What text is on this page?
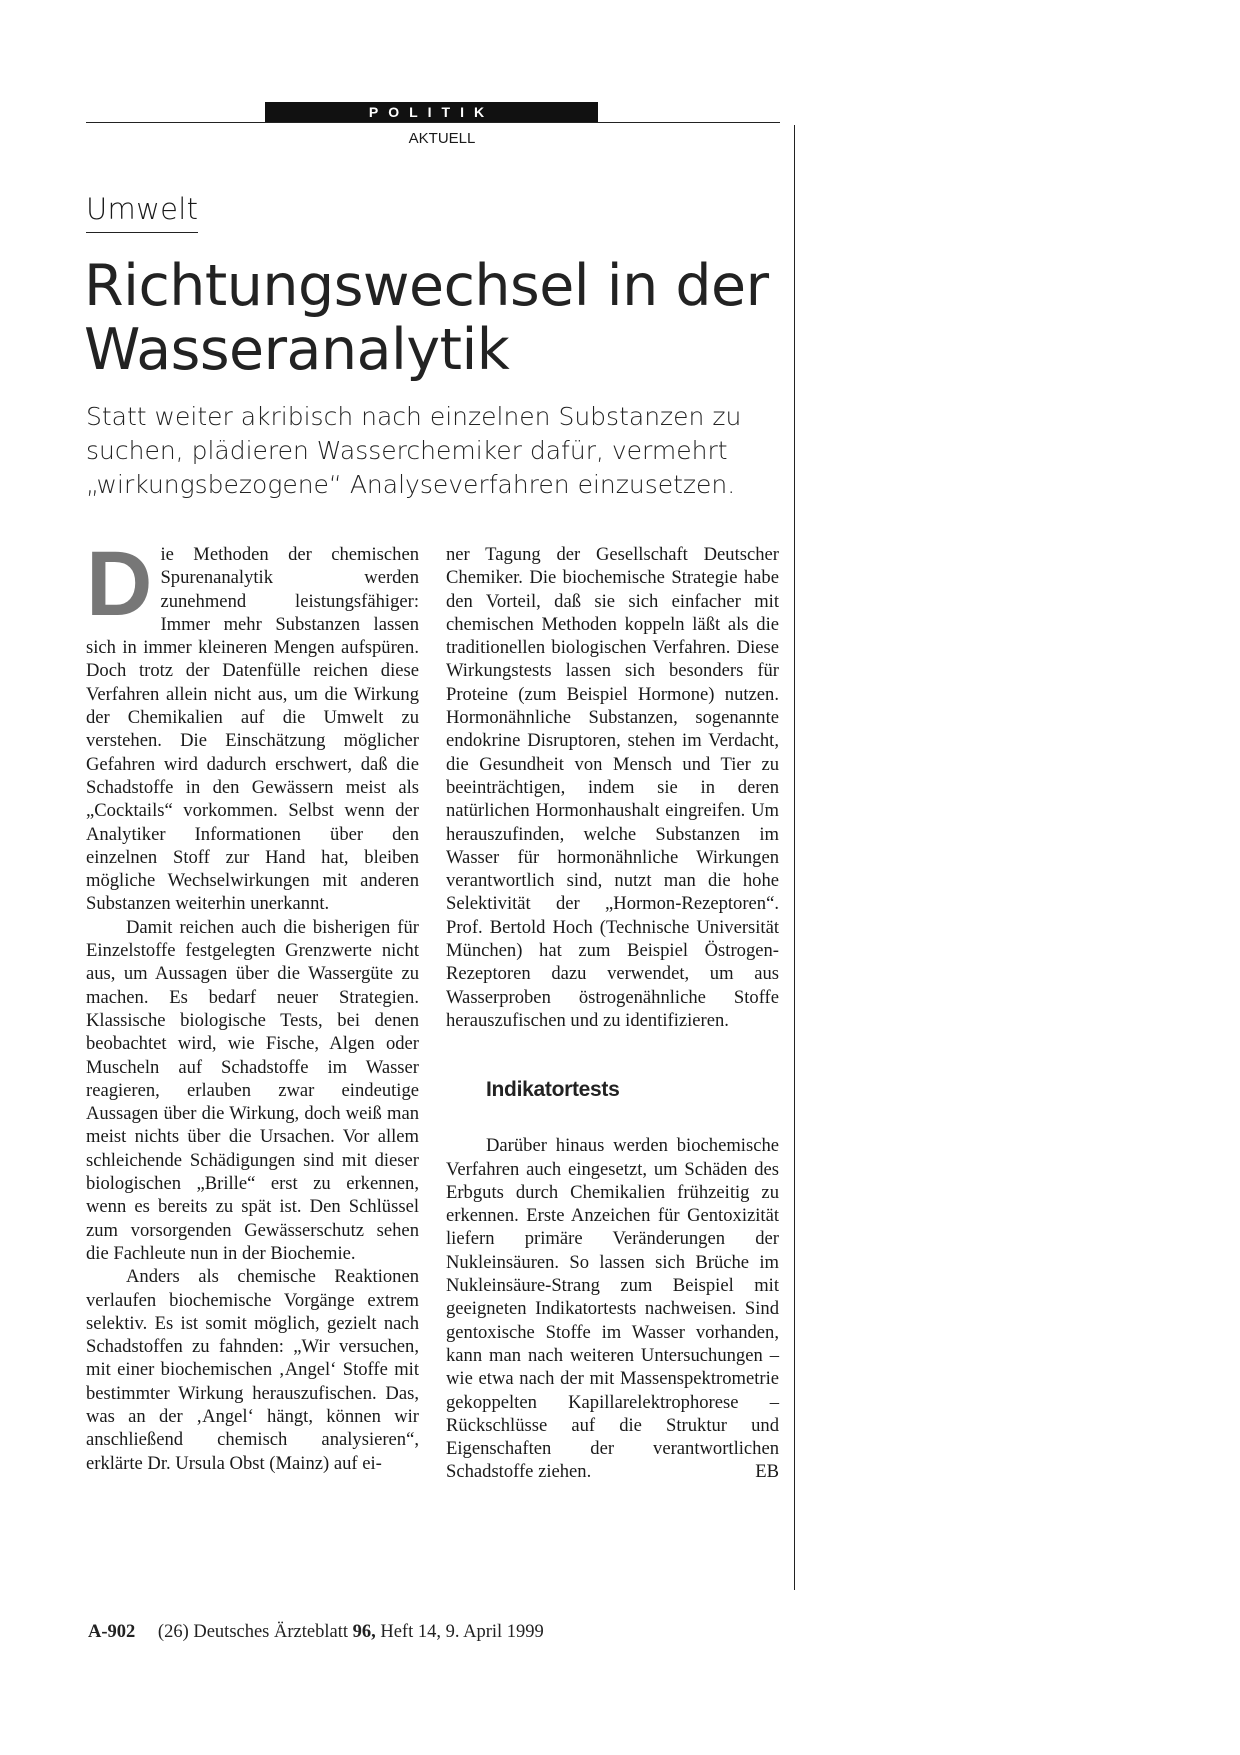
POLITIK
AKTUELL
Umwelt
Richtungswechsel in der Wasseranalytik

Statt weiter akribisch nach einzelnen Substanzen zu suchen, plädieren Wasserchemiker dafür, vermehrt „wirkungsbezogene“ Analyseverfahren einzusetzen.

Die Methoden der chemischen Spurenanalytik werden zunehmend leistungsfähiger: Immer mehr Substanzen lassen sich in immer kleineren Mengen aufspüren. Doch trotz der Datenfülle reichen diese Verfahren allein nicht aus, um die Wirkung der Chemikalien auf die Umwelt zu verstehen. Die Einschätzung möglicher Gefahren wird dadurch erschwert, daß die Schadstoffe in den Gewässern meist als „Cocktails“ vorkommen. Selbst wenn der Analytiker Informationen über den einzelnen Stoff zur Hand hat, bleiben mögliche Wechselwirkungen mit anderen Substanzen weiterhin unerkannt.

Damit reichen auch die bisherigen für Einzelstoffe festgelegten Grenzwerte nicht aus, um Aussagen über die Wassergüte zu machen. Es bedarf neuer Strategien. Klassische biologische Tests, bei denen beobachtet wird, wie Fische, Algen oder Muscheln auf Schadstoffe im Wasser reagieren, erlauben zwar eindeutige Aussagen über die Wirkung, doch weiß man meist nichts über die Ursachen. Vor allem schleichende Schädigungen sind mit dieser biologischen „Brille“ erst zu erkennen, wenn es bereits zu spät ist. Den Schlüssel zum vorsorgenden Gewässerschutz sehen die Fachleute nun in der Biochemie.

Anders als chemische Reaktionen verlaufen biochemische Vorgänge extrem selektiv. Es ist somit möglich, gezielt nach Schadstoffen zu fahnden: „Wir versuchen, mit einer biochemischen ‚Angel‘ Stoffe mit bestimmter Wirkung herauszufischen. Das, was an der ‚Angel‘ hängt, können wir anschließend chemisch analysieren“, erklärte Dr. Ursula Obst (Mainz) auf ei-

ner Tagung der Gesellschaft Deutscher Chemiker. Die biochemische Strategie habe den Vorteil, daß sie sich einfacher mit chemischen Methoden koppeln läßt als die traditionellen biologischen Verfahren. Diese Wirkungstests lassen sich besonders für Proteine (zum Beispiel Hormone) nutzen. Hormonähnliche Substanzen, sogenannte endokrine Disruptoren, stehen im Verdacht, die Gesundheit von Mensch und Tier zu beeinträchtigen, indem sie in deren natürlichen Hormonhaushalt eingreifen. Um herauszufinden, welche Substanzen im Wasser für hormonähnliche Wirkungen verantwortlich sind, nutzt man die hohe Selektivität der „Hormon-Rezeptoren“. Prof. Bertold Hoch (Technische Universität München) hat zum Beispiel Östrogen-Rezeptoren dazu verwendet, um aus Wasserproben östrogenähnliche Stoffe herauszufischen und zu identifizieren.

Indikatortests

Darüber hinaus werden biochemische Verfahren auch eingesetzt, um Schäden des Erbguts durch Chemikalien frühzeitig zu erkennen. Erste Anzeichen für Gentoxizität liefern primäre Veränderungen der Nukleinsäuren. So lassen sich Brüche im Nukleinsäure-Strang zum Beispiel mit geeigneten Indikatortests nachweisen. Sind gentoxische Stoffe im Wasser vorhanden, kann man nach weiteren Untersuchungen – wie etwa nach der mit Massenspektrometrie gekoppelten Kapillarelektrophorese – Rückschlüsse auf die Struktur und Eigenschaften der verantwortlichen Schadstoffe ziehen.	EB

A-902 (26) Deutsches Ärzteblatt 96, Heft 14, 9. April 1999
